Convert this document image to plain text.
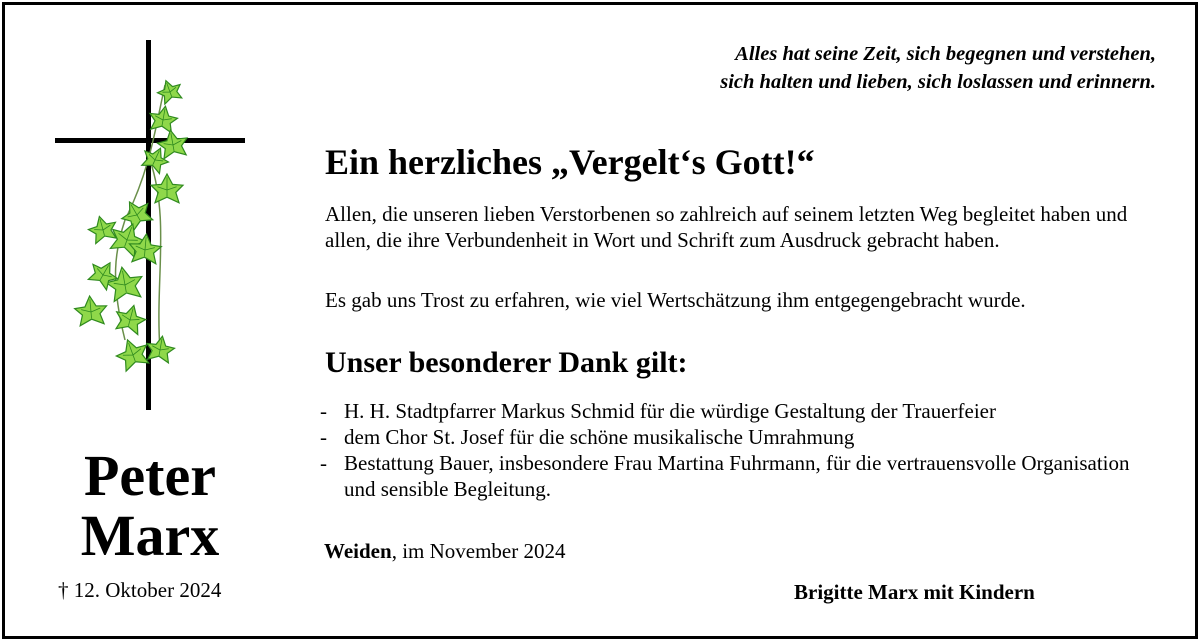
Alles hat seine Zeit, sich begegnen und verstehen,
sich halten und lieben, sich loslassen und erinnern.
Peter
Marx
† 12. Oktober 2024
Ein herzliches „Vergelt‘s Gott!“
Allen, die unseren lieben Verstorbenen so zahlreich auf seinem letzten Weg begleitet haben und allen, die ihre Verbundenheit in Wort und Schrift zum Ausdruck gebracht haben.
Es gab uns Trost zu erfahren, wie viel Wertschätzung ihm entgegengebracht wurde.
Unser besonderer Dank gilt:
- H. H. Stadtpfarrer Markus Schmid für die würdige Gestaltung der Trauerfeier
- dem Chor St. Josef für die schöne musikalische Umrahmung
- Bestattung Bauer, insbesondere Frau Martina Fuhrmann, für die vertrauensvolle Organisation und sensible Begleitung.
Weiden, im November 2024
Brigitte Marx mit Kindern
